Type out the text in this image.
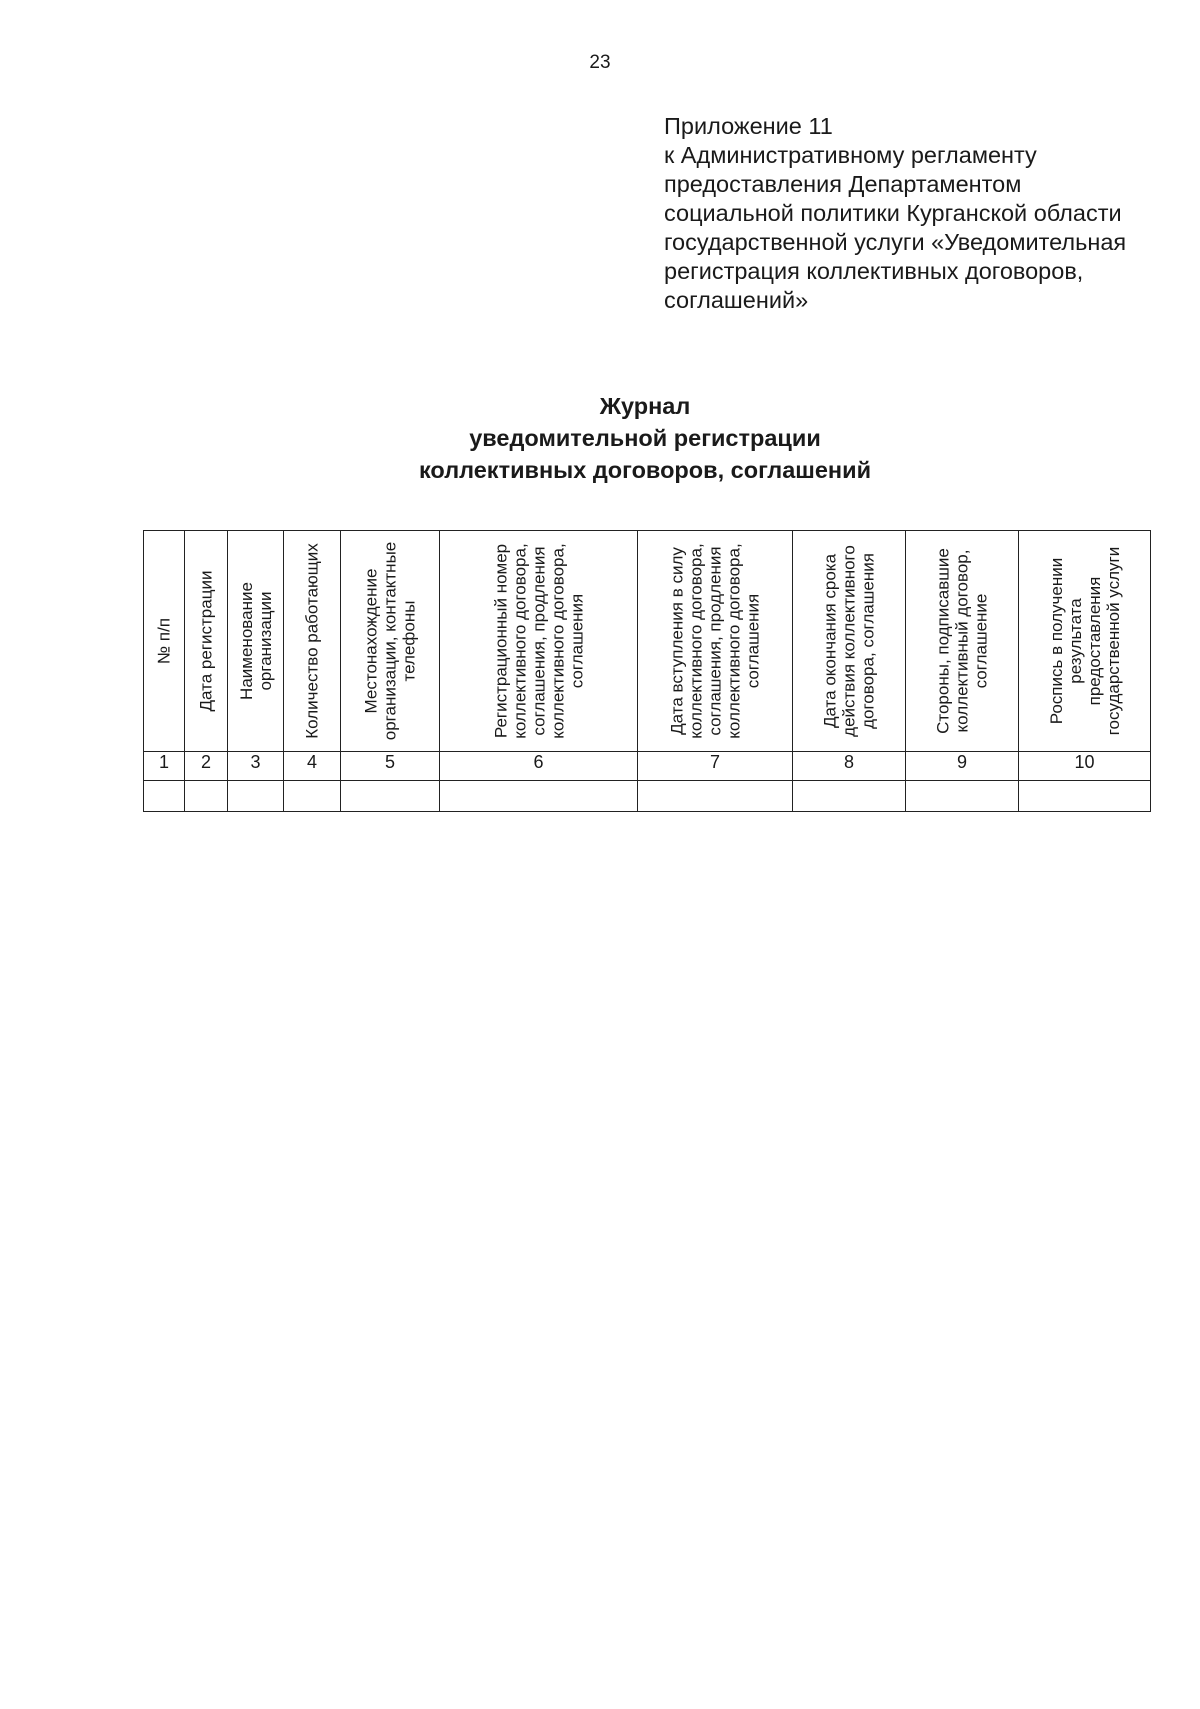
23
Приложение 11
к Административному регламенту
предоставления Департаментом
социальной политики Курганской области
государственной услуги «Уведомительная
регистрация коллективных договоров,
соглашений»
Журнал
уведомительной регистрации
коллективных договоров, соглашений
№ п/п	Дата регистрации	Наименование организации	Количество работающих	Местонахождение организации, контактные телефоны	Регистрационный номер коллективного договора, соглашения, продления коллективного договора, соглашения	Дата вступления в силу коллективного договора, соглашения, продления коллективного договора, соглашения	Дата окончания срока действия коллективного договора, соглашения	Стороны, подписавшие коллективный договор, соглашение	Роспись в получении результата предоставления государственной услуги

1	2	3	4	5	6	7	8	9	10
